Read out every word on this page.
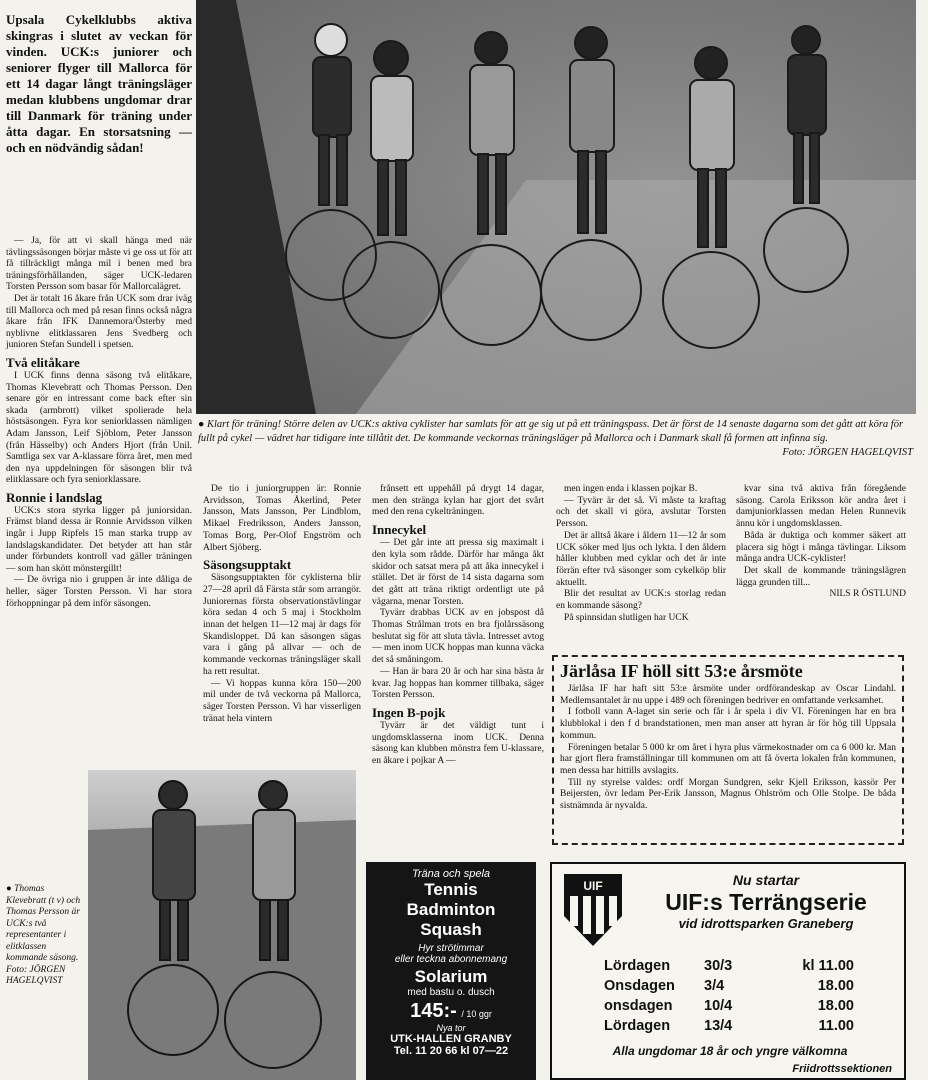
Upsala Cykelklubbs aktiva skingras i slutet av veckan för vinden. UCK:s juniorer och seniorer flyger till Mallorca för ett 14 dagar långt träningsläger medan klubbens ungdomar drar till Danmark för träning under åtta dagar. En storsatsning — och en nödvändig sådan!

— Ja, för att vi skall hänga med när tävlingssäsongen börjar måste vi ge oss ut för att få tillräckligt många mil i benen med bra träningsförhållanden, säger UCK-ledaren Torsten Persson som basar för Mallorcalägret.

Det är totalt 16 åkare från UCK som drar iväg till Mallorca och med på resan finns också några åkare från IFK Dannemora/Österby med nyblivne elitklassaren Jens Svedberg och junioren Stefan Sundell i spetsen.

Två elitåkare

I UCK finns denna säsong två elitåkare, Thomas Klevebratt och Thomas Persson. Den senare gör en intressant come back efter sin skada (armbrott) vilket spolierade hela höstsäsongen. Fyra kor seniorklassen nämligen Adam Jansson, Leif Sjöblom, Peter Jansson (från Hässelby) och Anders Hjort (från Unil. Samtliga sex var A-klassare förra året, men med den nya uppdelningen för säsongen blir två elitklassare och fyra seniorklassare.

Ronnie i landslag

UCK:s stora styrka ligger på juniorsidan. Främst bland dessa är Ronnie Arvidsson vilken ingår i Jupp Ripfels 15 man starka trupp av landslagskandidater. Det betyder att han står under förbundets kontroll vad gäller träningen — som han skött mönstergillt!

— De övriga nio i gruppen är inte dåliga de heller, säger Torsten Persson. Vi har stora förhoppningar på dem inför säsongen.

● Klart för träning! Större delen av UCK:s aktiva cyklister har samlats för att ge sig ut på ett träningspass. Det är först de 14 senaste dagarna som det gått att köra för fullt på cykel — vädret har tidigare inte tillåtit det. De kommande veckornas träningsläger på Mallorca och i Danmark skall få formen att infinna sig.
Foto: JÖRGEN HAGELQVIST

De tio i juniorgruppen är: Ronnie Arvidsson, Tomas Åkerlind, Peter Jansson, Mats Jansson, Per Lindblom, Mikael Fredriksson, Anders Jansson, Tomas Borg, Per-Olof Engström och Albert Sjöberg.

Säsongsupptakt

Säsongsupptakten för cyklisterna blir 27—28 april då Färsta står som arrangör. Juniorernas första observationstävlingar köra sedan 4 och 5 maj i Stockholm innan det helgen 11—12 maj är dags för Skandisloppet. Då kan säsongen sägas vara i gång på allvar — och de kommande veckornas träningsläger skall ha rett resultat.

— Vi hoppas kunna köra 150—200 mil under de två veckorna på Mallorca, säger Torsten Persson. Vi har visserligen tränat hela vintern

frånsett ett uppehåll på drygt 14 dagar, men den stränga kylan har gjort det svårt med den rena cykelträningen.

Innecykel

— Det går inte att pressa sig maximalt i den kyla som rådde. Därför har många åkt skidor och satsat mera på att åka innecykel i stället. Det är först de 14 sista dagarna som det gått att träna riktigt ordentligt ute på vägarna, menar Torsten.

Tyvärr drabbas UCK av en jobspost då Thomas Strålman trots en bra fjolårssäsong beslutat sig för att sluta tävla. Intresset avtog — men inom UCK hoppas man kunna väcka det så småningom.

— Han är bara 20 år och har sina bästa år kvar. Jag hoppas han kommer tillbaka, säger Torsten Persson.

Ingen B-pojk

Tyvärr är det väldigt tunt i ungdomsklasserna inom UCK. Denna säsong kan klubben mönstra fem U-klassare, en åkare i pojkar A —

men ingen enda i klassen pojkar B.

— Tyvärr är det så. Vi måste ta kraftag och det skall vi göra, avslutar Torsten Persson.

Det är alltså åkare i åldern 11—12 år som UCK söker med ljus och lykta. I den åldern håller klubben med cyklar och det är inte förrän efter två säsonger som cykelköp blir aktuellt.

Blir det resultat av UCK:s storlag redan en kommande säsong?

På spinnsidan slutligen har UCK

kvar sina två aktiva från föregående säsong. Carola Eriksson kör andra året i damjuniorklassen medan Helen Runnevik ännu kör i ungdomsklassen.

Båda är duktiga och kommer säkert att placera sig högt i många tävlingar. Liksom många andra UCK-cyklister!

Det skall de kommande träningslägren lägga grunden till...

NILS R ÖSTLUND
Järlåsa IF höll sitt 53:e årsmöte

Järlåsa IF har haft sitt 53:e årsmöte under ordförandeskap av Oscar Lindahl. Medlemsantalet är nu uppe i 489 och föreningen bedriver en omfattande verksamhet.

I fotboll vann A-laget sin serie och får i år spela i div VI. Föreningen har en bra klubblokal i den f d brandstationen, men man anser att hyran är för hög till Uppsala kommun.

Föreningen betalar 5 000 kr om året i hyra plus värmekostnader om ca 6 000 kr. Man har gjort flera framställningar till kommunen om att få överta lokalen från kommunen, men dessa har hittills avslagits.

Till ny styrelse valdes: ordf Morgan Sundgren, sekr Kjell Eriksson, kassör Per Beijersten, övr ledam Per-Erik Jansson, Magnus Ohlström och Olle Stolpe. De båda sistnämnda är nyvalda.

● Thomas Klevebratt (t v) och Thomas Persson är UCK:s två representanter i elitklassen kommande säsong. Foto: JÖRGEN HAGELQVIST
Träna och spela
Tennis
Badminton
Squash
Hyr strötimmar
eller teckna abonnemang
Solarium
med bastu o. dusch
145:- / 10 ggr
Nya tor
UTK-HALLEN GRANBY
Tel. 11 20 66 kl 07—22
UIF	Nu startar
UIF:s Terrängserie
vid idrottsparken Graneberg
Lördagen	30/3	kl 11.00
Onsdagen	3/4	18.00
onsdagen	10/4	18.00
Lördagen	13/4	11.00
Alla ungdomar 18 år och yngre välkomna
Friidrottssektionen
